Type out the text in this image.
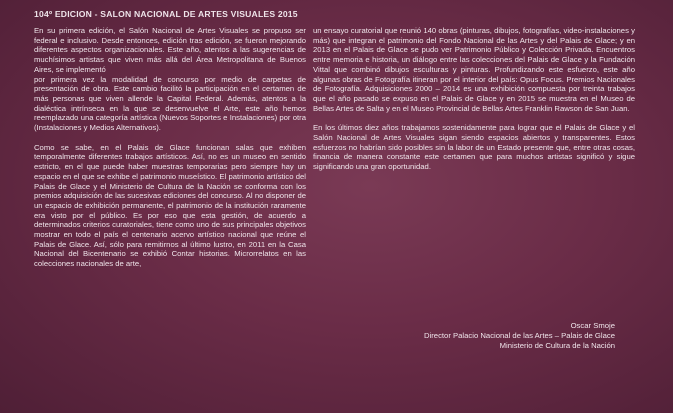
104º EDICION - SALON NACIONAL DE ARTES VISUALES 2015

En su primera edición, el Salón Nacional de Artes Visuales se propuso ser federal e inclusivo. Desde entonces, edición tras edición, se fueron mejorando diferentes aspectos organizacionales. Este año, atentos a las sugerencias de muchísimos artistas que viven más allá del Área Metropolitana de Buenos Aires, se implementó

por primera vez la modalidad de concurso por medio de carpetas de presentación de obra. Este cambio facilitó la participación en el certamen de más personas que viven allende la Capital Federal. Además, atentos a la dialéctica intrínseca en la que se desenvuelve el Arte, este año hemos reemplazado una categoría artística (Nuevos Soportes e Instalaciones) por otra (Instalaciones y Medios Alternativos).

Como se sabe, en el Palais de Glace funcionan salas que exhiben temporalmente diferentes trabajos artísticos. Así, no es un museo en sentido estricto, en el que puede haber muestras temporarias pero siempre hay un espacio en el que se exhibe el patrimonio museístico. El patrimonio artístico del Palais de Glace y el Ministerio de Cultura de la Nación se conforma con los premios adquisición de las sucesivas ediciones del concurso. Al no disponer de un espacio de exhibición permanente, el patrimonio de la institución raramente era visto por el público. Es por eso que esta gestión, de acuerdo a determinados criterios curatoriales, tiene como uno de sus principales objetivos mostrar en todo el país el centenario acervo artístico nacional que reúne el Palais de Glace. Así, sólo para remitirnos al último lustro, en 2011 en la Casa Nacional del Bicentenario se exhibió Contar historias. Microrrelatos en las colecciones nacionales de arte,

un ensayo curatorial que reunió 140 obras (pinturas, dibujos, fotografías, video-instalaciones y más) que integran el patrimonio del Fondo Nacional de las Artes y del Palais de Glace; y en 2013 en el Palais de Glace se pudo ver Patrimonio Público y Colección Privada. Encuentros entre memoria e historia, un diálogo entre las colecciones del Palais de Glace y la Fundación Vittal que combinó dibujos esculturas y pinturas. Profundizando este esfuerzo, este año algunas obras de Fotografía itineran por el interior del país: Opus Focus. Premios Nacionales de Fotografía. Adquisiciones 2000 – 2014 es una exhibición compuesta por treinta trabajos que el año pasado se expuso en el Palais de Glace y en 2015 se muestra en el Museo de Bellas Artes de Salta y en el Museo Provincial de Bellas Artes Franklin Rawson de San Juan.

En los últimos diez años trabajamos sostenidamente para lograr que el Palais de Glace y el Salón Nacional de Artes Visuales sigan siendo espacios abiertos y transparentes. Estos esfuerzos no habrían sido posibles sin la labor de un Estado presente que, entre otras cosas, financia de manera constante este certamen que para muchos artistas significó y sigue significando una gran oportunidad.

Oscar Smoje
Director Palacio Nacional de las Artes – Palais de Glace
Ministerio de Cultura de la Nación
